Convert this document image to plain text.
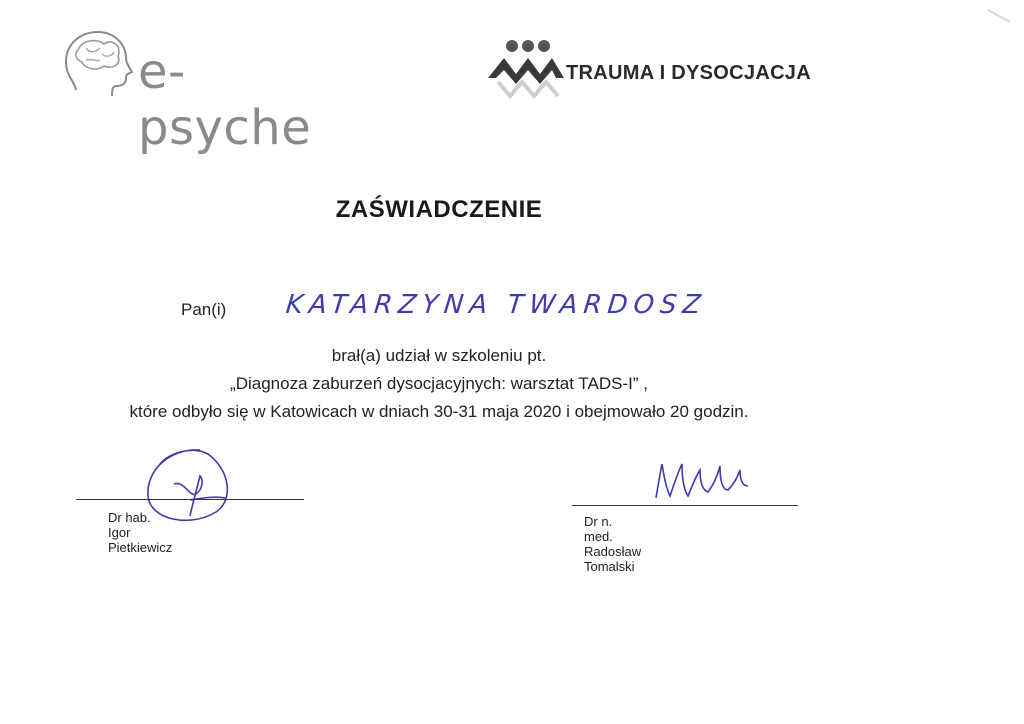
e-psyche
TRAUMA I DYSOCJACJA
ZAŚWIADCZENIE
Pan(i) KATARZYNA TWARDOSZ
brał(a) udział w szkoleniu pt.
„Diagnoza zaburzeń dysocjacyjnych: warsztat TADS-I” ,
które odbyło się w Katowicach w dniach 30-31 maja 2020 i obejmowało 20 godzin.
Dr hab. Igor Pietkiewicz
Dr n. med. Radosław Tomalski
